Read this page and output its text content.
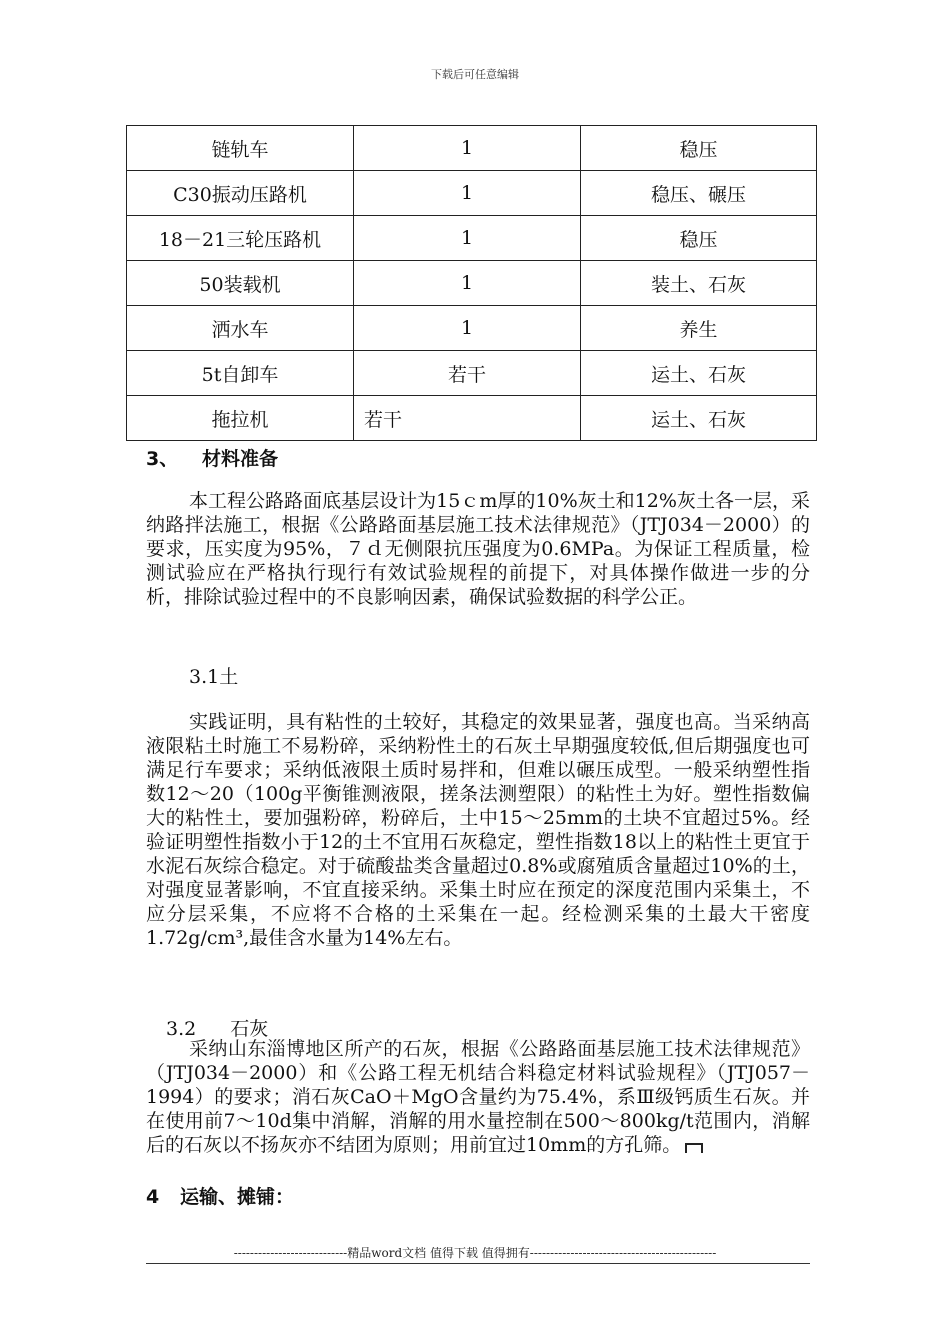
下载后可任意编辑
链轨车	1	稳压
C30振动压路机	1	稳压、碾压
18－21三轮压路机	1	稳压
50装载机	1	装土、石灰
洒水车	1	养生
5t自卸车	若干	运土、石灰
拖拉机	若干	运土、石灰
3、 材料准备

本工程公路路面底基层设计为15ｃm厚的10%灰土和12%灰土各一层，采纳路拌法施工，根据《公路路面基层施工技术法律规范》（JTJ034－2000）的要求，压实度为95%，７ｄ无侧限抗压强度为0.6MPa。为保证工程质量，检测试验应在严格执行现行有效试验规程的前提下，对具体操作做进一步的分析，排除试验过程中的不良影响因素，确保试验数据的科学公正。

3.1土

实践证明，具有粘性的土较好，其稳定的效果显著，强度也高。当采纳高液限粘土时施工不易粉碎，采纳粉性土的石灰土早期强度较低,但后期强度也可满足行车要求；采纳低液限土质时易拌和，但难以碾压成型。一般采纳塑性指数12～20（100g平衡锥测液限，搓条法测塑限）的粘性土为好。塑性指数偏大的粘性土，要加强粉碎，粉碎后，土中15～25mm的土块不宜超过5%。经验证明塑性指数小于12的土不宜用石灰稳定，塑性指数18以上的粘性土更宜于水泥石灰综合稳定。对于硫酸盐类含量超过0.8%或腐殖质含量超过10%的土，对强度显著影响，不宜直接采纳。采集土时应在预定的深度范围内采集土，不应分层采集，不应将不合格的土采集在一起。经检测采集的土最大干密度1.72g/cm³,最佳含水量为14%左右。

3.2 石灰

采纳山东淄博地区所产的石灰，根据《公路路面基层施工技术法律规范》（JTJ034－2000）和《公路工程无机结合料稳定材料试验规程》（JTJ057－1994）的要求；消石灰CaO＋MgO含量约为75.4%，系Ⅲ级钙质生石灰。并在使用前7～10d集中消解，消解的用水量控制在500～800kg/t范围内，消解后的石灰以不扬灰亦不结团为原则；用前宜过10mm的方孔筛。

4 运输、摊铺：
----------------------------精品word文档 值得下载 值得拥有----------------------------------------------
